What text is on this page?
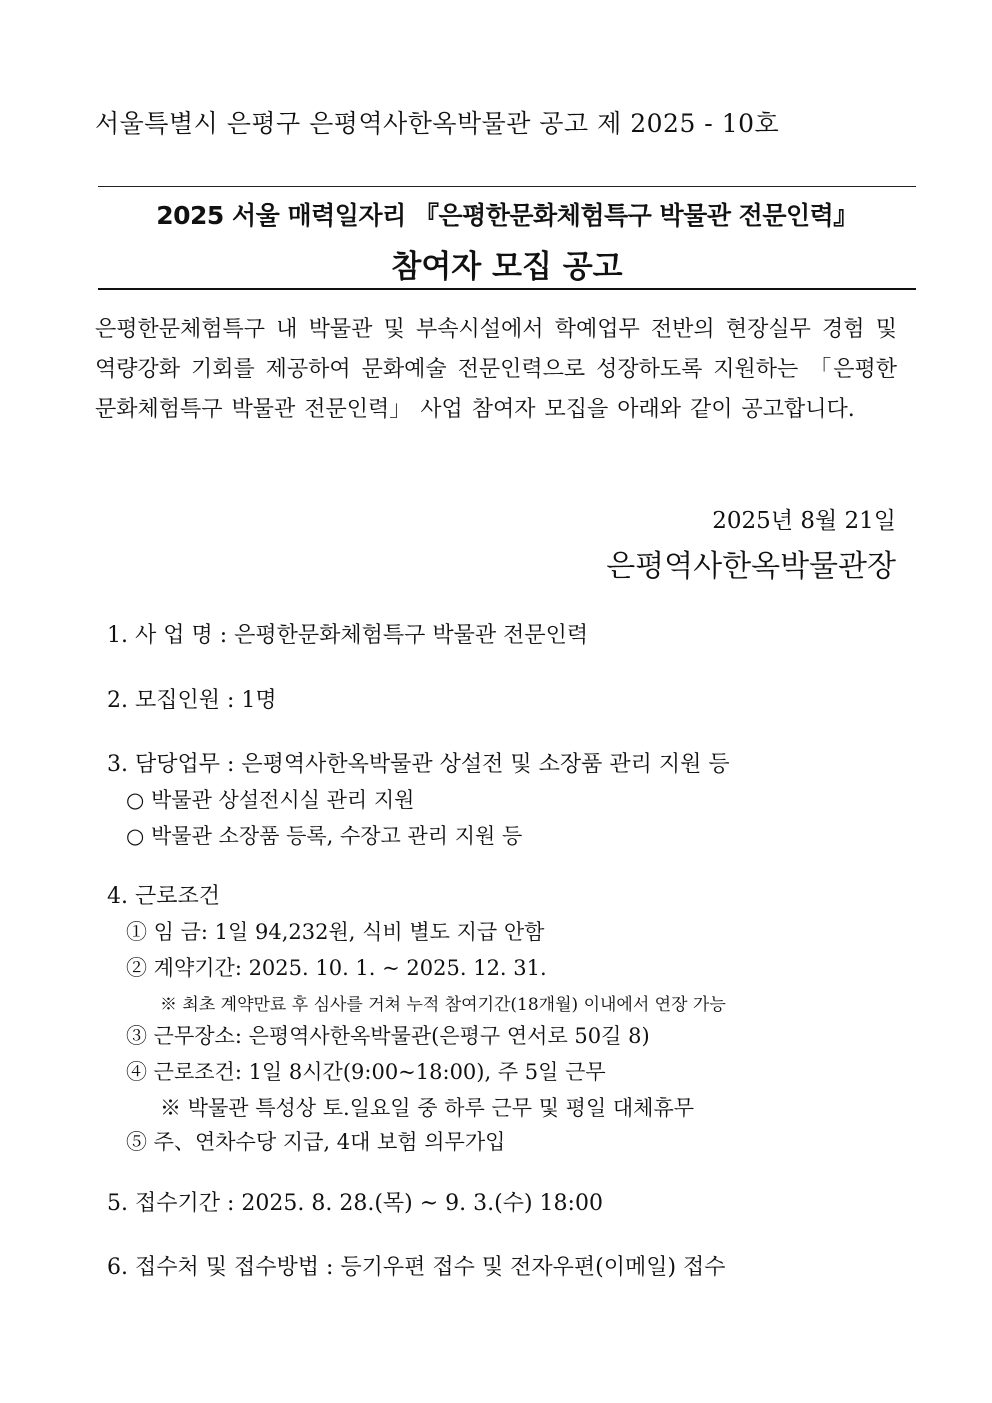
서울특별시 은평구 은평역사한옥박물관 공고 제 2025 - 10호
2025 서울 매력일자리 『은평한문화체험특구 박물관 전문인력』
참여자 모집 공고
은평한문체험특구 내 박물관 및 부속시설에서 학예업무 전반의 현장실무 경험 및 역량강화 기회를 제공하여 문화예술 전문인력으로 성장하도록 지원하는 「은평한문화체험특구 박물관 전문인력」 사업 참여자 모집을 아래와 같이 공고합니다.
2025년 8월 21일
은평역사한옥박물관장
1. 사 업 명 : 은평한문화체험특구 박물관 전문인력
2. 모집인원 : 1명
3. 담당업무 : 은평역사한옥박물관 상설전 및 소장품 관리 지원 등
○ 박물관 상설전시실 관리 지원
○ 박물관 소장품 등록, 수장고 관리 지원 등
4. 근로조건
① 임 금: 1일 94,232원, 식비 별도 지급 안함
② 계약기간: 2025. 10. 1. ~ 2025. 12. 31.
※ 최초 계약만료 후 심사를 거쳐 누적 참여기간(18개월) 이내에서 연장 가능
③ 근무장소: 은평역사한옥박물관(은평구 연서로 50길 8)
④ 근로조건: 1일 8시간(9:00~18:00), 주 5일 근무
※ 박물관 특성상 토.일요일 중 하루 근무 및 평일 대체휴무
⑤ 주、연차수당 지급, 4대 보험 의무가입
5. 접수기간 : 2025. 8. 28.(목) ~ 9. 3.(수) 18:00
6. 접수처 및 접수방법 : 등기우편 접수 및 전자우편(이메일) 접수
